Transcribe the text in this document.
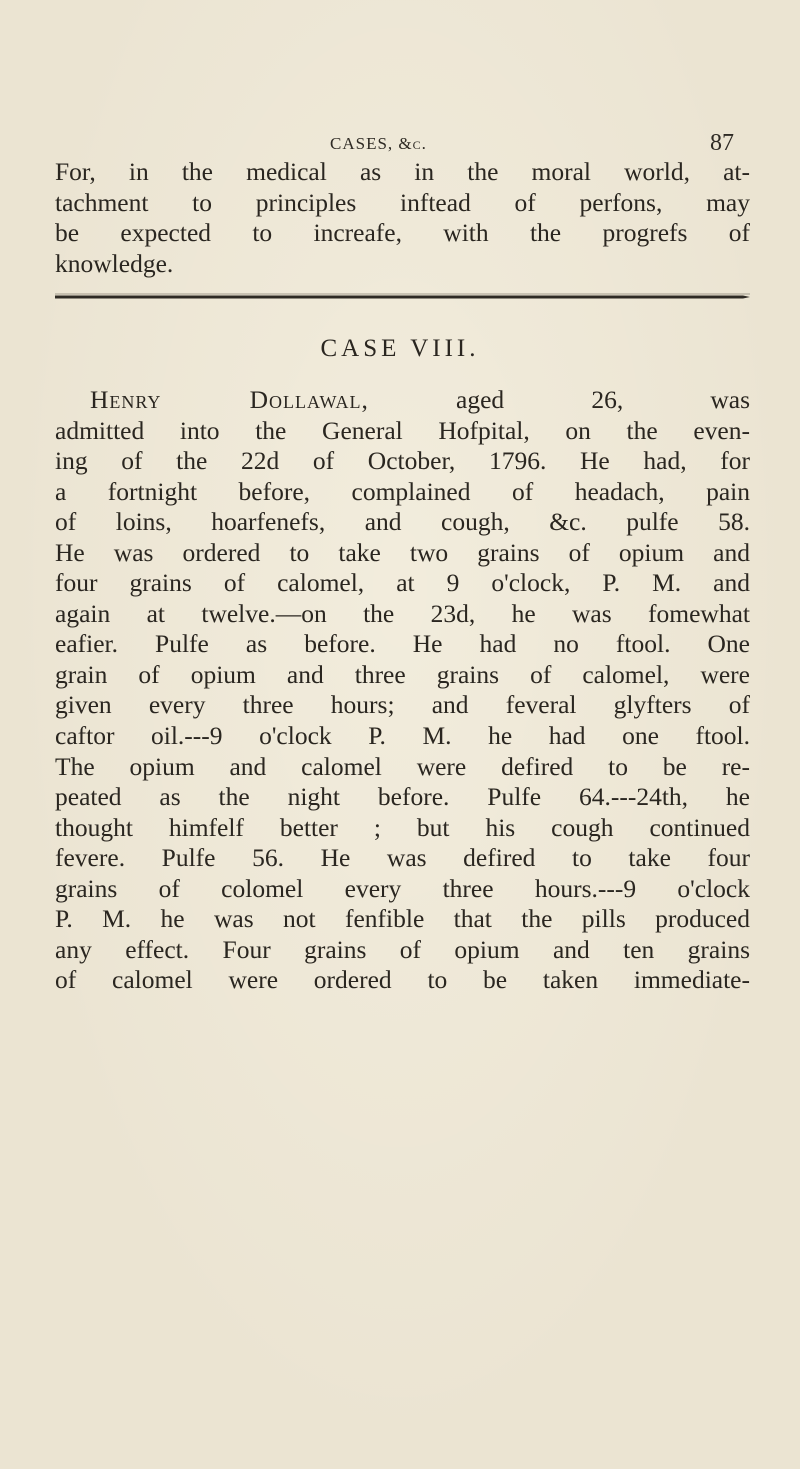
CASES, &c.	87

For, in the medical as in the moral world, at-
tachment to principles inftead of perfons, may
be expected to increafe, with the progrefs of
knowledge.

CASE VIII.

Henry Dollawal, aged 26, was
admitted into the General Hofpital, on the even-
ing of the 22d of October, 1796. He had, for
a fortnight before, complained of headach, pain
of loins, hoarfenefs, and cough, &c. pulfe 58.
He was ordered to take two grains of opium and
four grains of calomel, at 9 o'clock, P. M. and
again at twelve.—on the 23d, he was fomewhat
eafier. Pulfe as before. He had no ftool. One
grain of opium and three grains of calomel, were
given every three hours; and feveral glyfters of
caftor oil.---9 o'clock P. M. he had one ftool.
The opium and calomel were defired to be re-
peated as the night before. Pulfe 64.---24th, he
thought himfelf better ; but his cough continued
fevere. Pulfe 56. He was defired to take four
grains of colomel every three hours.---9 o'clock
P. M. he was not fenfible that the pills produced
any effect. Four grains of opium and ten grains
of calomel were ordered to be taken immediate-
